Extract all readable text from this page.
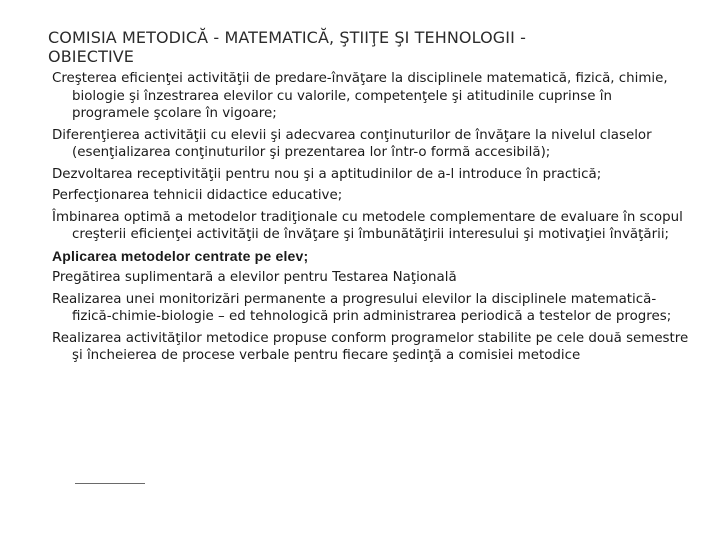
COMISIA METODICĂ - MATEMATICĂ, ŞTIIŢE ŞI TEHNOLOGII -
OBIECTIVE

Creşterea eficienţei activităţii de predare-învăţare la disciplinele matematică, fizică, chimie, biologie şi înzestrarea elevilor cu valorile, competenţele şi atitudinile cuprinse în programele şcolare în vigoare;

Diferenţierea activităţii cu elevii şi adecvarea conţinuturilor de învăţare la nivelul claselor (esenţializarea conţinuturilor şi prezentarea lor într-o formă accesibilă);

Dezvoltarea receptivităţii pentru nou şi a aptitudinilor de a-l introduce în practică;

Perfecţionarea tehnicii didactice educative;

Îmbinarea optimă a metodelor tradiţionale cu metodele complementare de evaluare în scopul creşterii eficienţei activităţii de învăţare şi îmbunătăţirii interesului şi motivaţiei învăţării;

Aplicarea metodelor centrate pe elev;

Pregătirea suplimentară a elevilor pentru Testarea Naţională

Realizarea unei monitorizări permanente a progresului elevilor la disciplinele matematică-fizică-chimie-biologie – ed tehnologică prin administrarea periodică a testelor de progres;

Realizarea activităţilor metodice propuse conform programelor stabilite pe cele două semestre şi încheierea de procese verbale pentru fiecare şedinţă a comisiei metodice
